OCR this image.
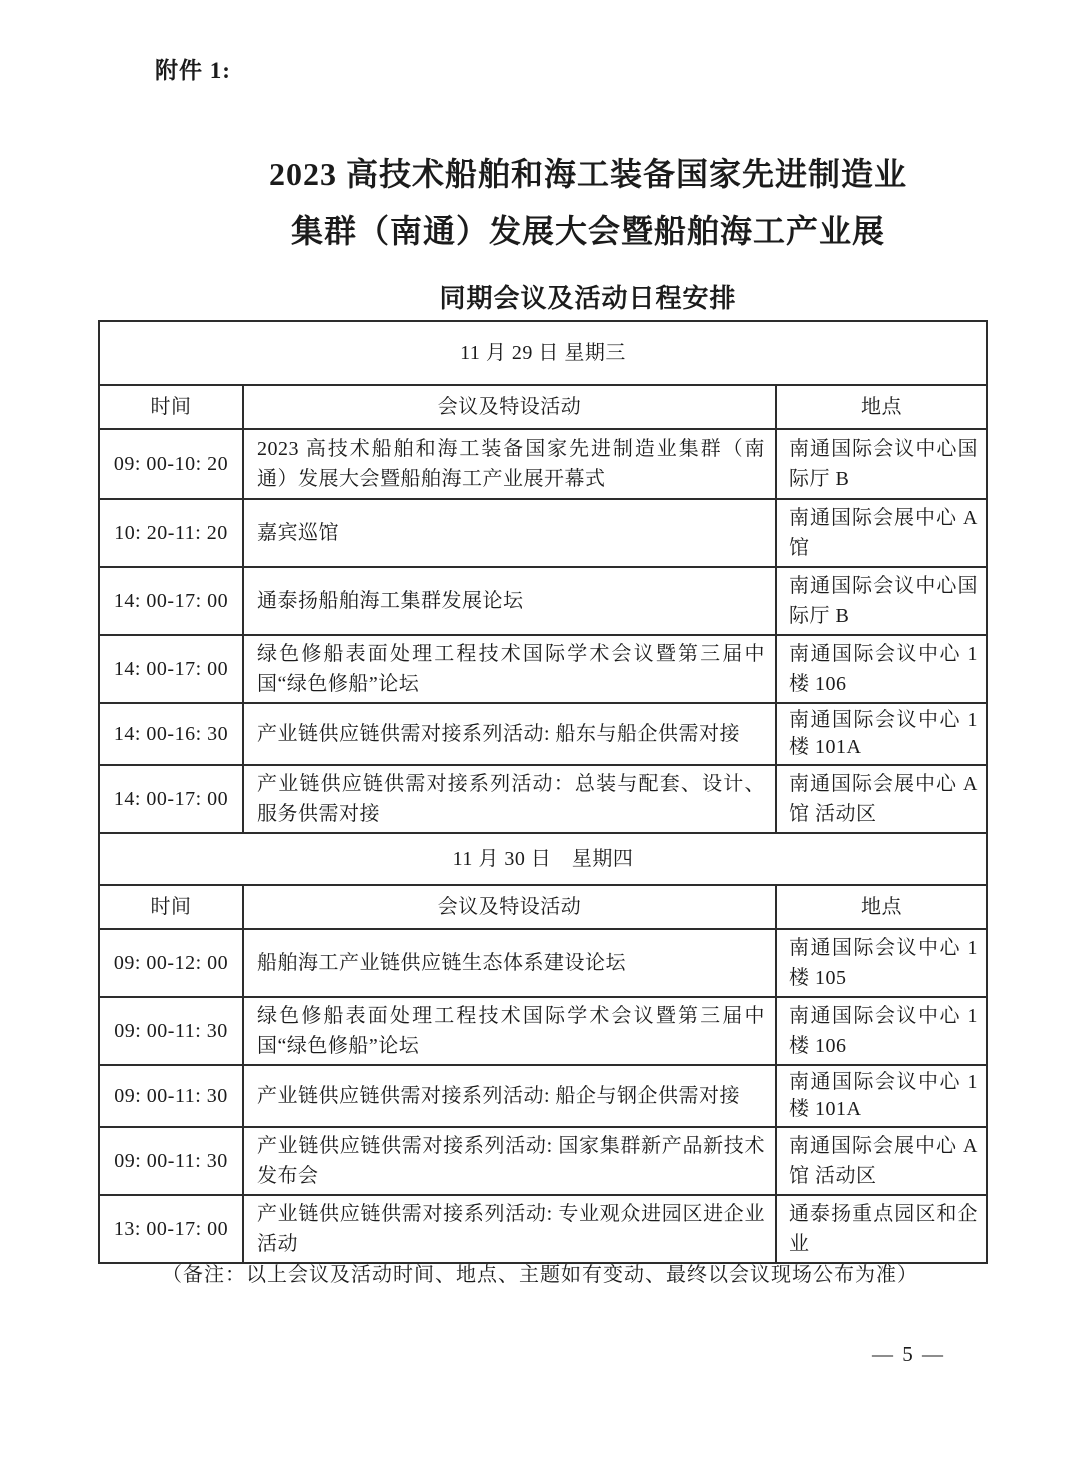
附件 1:
2023 高技术船舶和海工装备国家先进制造业
集群（南通）发展大会暨船舶海工产业展
同期会议及活动日程安排
11 月 29 日 星期三		
时间	会议及特设活动	地点
09: 00-10: 20	2023 高技术船舶和海工装备国家先进制造业集群（南通）发展大会暨船舶海工产业展开幕式	南通国际会议中心国际厅 B
10: 20-11: 20	嘉宾巡馆	南通国际会展中心 A 馆
14: 00-17: 00	通泰扬船舶海工集群发展论坛	南通国际会议中心国际厅 B
14: 00-17: 00	绿色修船表面处理工程技术国际学术会议暨第三届中国“绿色修船”论坛	南通国际会议中心 1 楼 106
14: 00-16: 30	产业链供应链供需对接系列活动: 船东与船企供需对接	南通国际会议中心 1 楼 101A
14: 00-17: 00	产业链供应链供需对接系列活动：总装与配套、设计、服务供需对接	南通国际会展中心 A 馆 活动区
11 月 30 日　星期四		
时间	会议及特设活动	地点
09: 00-12: 00	船舶海工产业链供应链生态体系建设论坛	南通国际会议中心 1 楼 105
09: 00-11: 30	绿色修船表面处理工程技术国际学术会议暨第三届中国“绿色修船”论坛	南通国际会议中心 1 楼 106
09: 00-11: 30	产业链供应链供需对接系列活动: 船企与钢企供需对接	南通国际会议中心 1 楼 101A
09: 00-11: 30	产业链供应链供需对接系列活动: 国家集群新产品新技术发布会	南通国际会展中心 A 馆 活动区
13: 00-17: 00	产业链供应链供需对接系列活动: 专业观众进园区进企业活动	通泰扬重点园区和企业
（备注：以上会议及活动时间、地点、主题如有变动、最终以会议现场公布为准）
— 5 —
